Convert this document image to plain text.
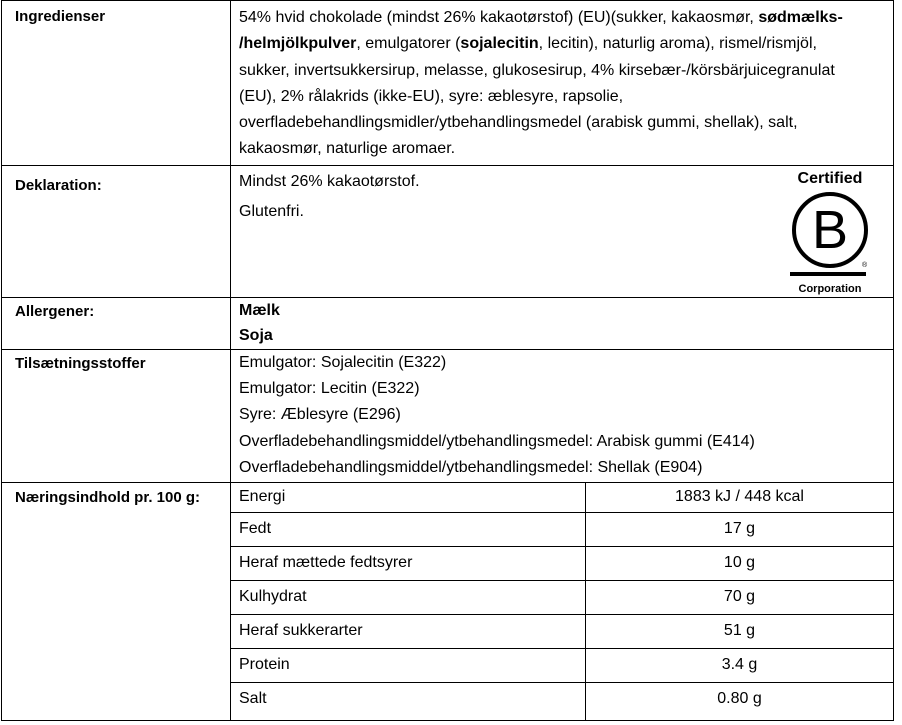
Ingredienser	54% hvid chokolade (mindst 26% kakaotørstof) (EU)(sukker, kakaosmør, sødmælks-
/helmjölkpulver, emulgatorer (sojalecitin, lecitin), naturlig aroma), rismel/rismjöl,
sukker, invertsukkersirup, melasse, glukosesirup, 4% kirsebær-/körsbärjuicegranulat
(EU), 2% rålakrids (ikke-EU), syre: æblesyre, rapsolie,
overfladebehandlingsmidler/ytbehandlingsmedel (arabisk gummi, shellak), salt,
kakaosmør, naturlige aromaer.
Deklaration:	Mindst 26% kakaotørstof.
Glutenfri.
Certified
B
®
Corporation
Allergener:	Mælk
Soja
Tilsætningsstoffer	Emulgator: Sojalecitin (E322)
Emulgator: Lecitin (E322)
Syre: Æblesyre (E296)
Overfladebehandlingsmiddel/ytbehandlingsmedel: Arabisk gummi (E414)
Overfladebehandlingsmiddel/ytbehandlingsmedel: Shellak (E904)
Næringsindhold pr. 100 g: Energi	1883 kJ / 448 kcal
Fedt	17 g
Heraf mættede fedtsyrer	10 g
Kulhydrat	70 g
Heraf sukkerarter	51 g
Protein	3.4 g
Salt	0.80 g
